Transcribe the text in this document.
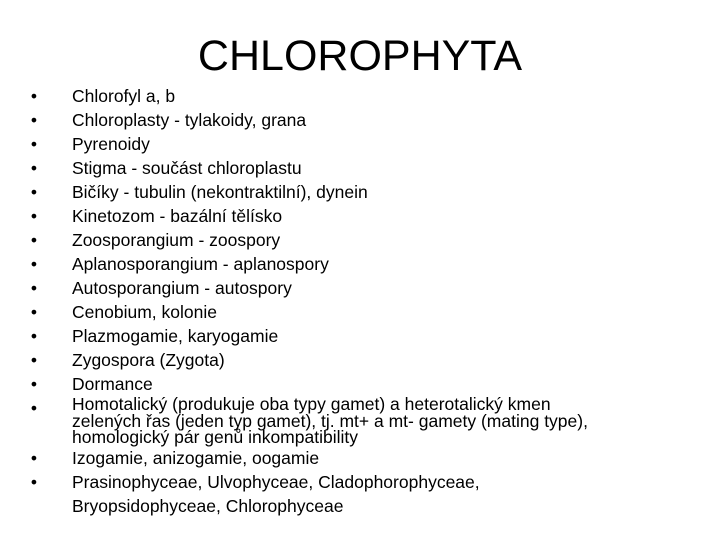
CHLOROPHYTA
• Chlorofyl a, b
• Chloroplasty - tylakoidy, grana
• Pyrenoidy
• Stigma - součást chloroplastu
• Bičíky - tubulin (nekontraktilní), dynein
• Kinetozom - bazální tělísko
• Zoosporangium - zoospory
• Aplanosporangium - aplanospory
• Autosporangium - autospory
• Cenobium, kolonie
• Plazmogamie, karyogamie
• Zygospora (Zygota)
• Dormance
• Homotalický (produkuje oba typy gamet) a heterotalický kmen
zelených řas (jeden typ gamet), tj. mt+ a mt- gamety (mating type),
homologický pár genů inkompatibility
• Izogamie, anizogamie, oogamie
• Prasinophyceae, Ulvophyceae, Cladophorophyceae,
Bryopsidophyceae, Chlorophyceae
